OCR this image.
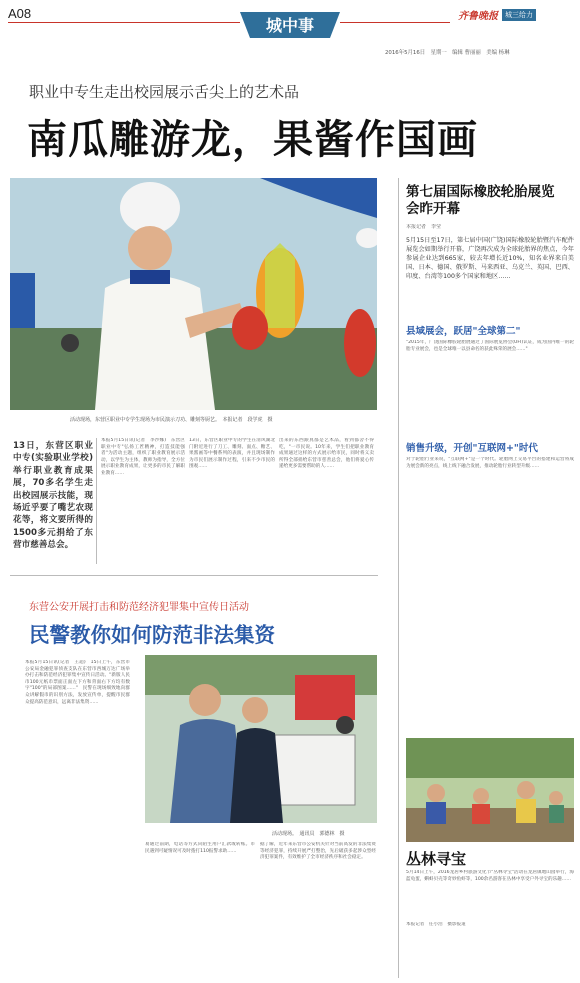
A08
城中事	齐鲁晚报	城三给力
2016年5月16日　星期一　编辑 曹丽丽　美编 杨琳
职业中专生走出校园展示舌尖上的艺术品
南瓜雕游龙，果酱作国画
活动现场，东营区职业中专学生现场为市民演示刀功、雕刻等厨艺。　本报记者　段学虎　摄
13日，东营区职业中专(实验职业学校)举行职业教育成果展，70多名学生走出校园展示技能，现场近乎要了嘴艺农现花等，将文要所得的1500多元捐给了东营市慈善总会。
本报5月15日讯(记者　李沙娜)　东营区职业中专"弘扬工匠精神，打造技能强者"为活动主题，组织了职业教育展示活动，以学生为主体，教师为指导，全方位展示职业教育成果，让更多的市民了解职业教育……
13日，东营区职业中专的学生在清风湖北门附近进行了刀工、雕刻、面点、糖艺、果酱画等中餐系列的表演，并且现场制作为市民们展示制作过程，引来不少市民的围观……
出来的东西跟真都是艺术品，看到都舍不得吃，"一市民说。10年来，学生们把职业教育成果通过这样的方式展示给市民，同时将义卖所得全部捐给东营市慈善总会，他们将爱心传递给更多需要帮助的人……
东营公安开展打击和防范经济犯罪集中宣传日活动
民警教你如何防范非法集资
本报5月15日讯(记者　王超)　15日上午，东营市公安局金融犯罪侦查支队在东营市西城万达广场举办打击和防范经济犯罪集中宣传日活动。"新版人民币100元纸币票面正面左下方和背面右下方均有数字"100"的局部图案……"　民警在现场细致地向群众讲解假币的识别方法，发放宣传单，提醒市民群众提高防范意识，远离非法集资……
活动现场。　通讯员　郭德林　摄
易通过前期，电话等方式向陌生用户汇款或转账。市民遇到可疑情况可及时拨打110报警求助……
据了解，近年来东营市公安机关针对当前高发的非法集资等经济犯罪，持续开展严打整治，先后破获多起涉众型经济犯罪案件，有效维护了全市经济秩序和社会稳定。
第七届国际橡胶轮胎展览会昨开幕
本报记者　李莹
5月15日至17日，第七届中国(广饶)国际橡胶轮胎暨汽车配件展览会如期举行开幕，广饶再次成为全球轮胎界的焦点，今年参展企业达到665家，较去年增长近10%，知名业界来自美国、日本、德国、俄罗斯、马来西亚、乌克兰、英国、巴西、印度、台湾等100多个国家和地区……
县域展会，跃居"全球第二"
"2015年，广饶国际橡胶轮胎展通过了国际展览协会(UFI)认证，成为国内唯一的轮胎专业展会，也是全球唯一以县命名的获此殊荣的展会……"
销售升级，开创"互联网+"时代
对于轮胎行业来说，"互联网+"是一个时代。轮胎网上交易平台的搭建和运营将成为展会新的亮点，线上线下融合发展，推动轮胎行业转型升级……
丛林寻宝
5月14日上午，2016龙居乡村旅游文化节"丛林寻宝"活动在龙居镇地山园举行，海蓝龟蛋，蝌蚪贝壳等奇妙鱼虾等，100余名游客在丛林中享受户外寻宝的乐趣……
本报记者　任小浩　摄影报道
